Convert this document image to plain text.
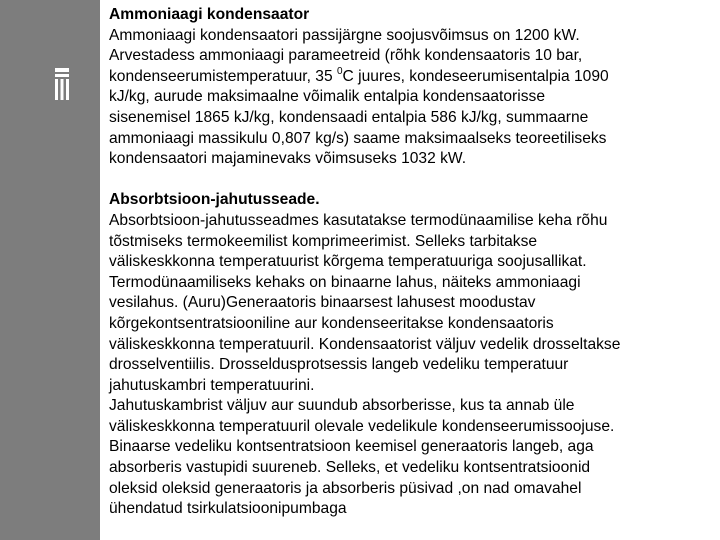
Ammoniaagi kondensaator
Ammoniaagi kondensaatori passijärgne soojusvõimsus on 1200 kW.
Arvestadess ammoniaagi parameetreid (rõhk kondensaatoris 10 bar,
kondenseerumistemperatuur, 35 $^0$C juures, kondeseerumisentalpia 1090
kJ/kg, aurude maksimaalne võimalik entalpia kondensaatorisse
sisenemisel 1865 kJ/kg, kondensaadi entalpia 586 kJ/kg, summaarne
ammoniaagi massikulu 0,807 kg/s) saame maksimaalseks teoreetiliseks
kondensaatori majaminevaks võimsuseks 1032 kW.
Absorbtsioon-jahutusseade.
Absorbtsioon-jahutusseadmes kasutatakse termodünaamilise keha rõhu
tõstmiseks termokeemilist komprimeerimist. Selleks tarbitakse
väliskeskkonna temperatuurist kõrgema temperatuuriga soojusallikat.
Termodünaamiliseks kehaks on binaarne lahus, näiteks ammoniaagi
vesilahus. (Auru)Generaatoris binaarsest lahusest moodustav
kõrgekontsentratsiooniline aur kondenseeritakse kondensaatoris
väliskeskkonna temperatuuril. Kondensaatorist väljuv vedelik drosseltakse
drosselventiilis. Drosseldusprotsessis langeb vedeliku temperatuur
jahutuskambri temperatuurini.
Jahutuskambrist väljuv aur suundub absorberisse, kus ta annab üle
väliskeskkonna temperatuuril olevale vedelikule kondenseerumissoojuse.
Binaarse vedeliku kontsentratsioon keemisel generaatoris langeb, aga
absorberis vastupidi suureneb. Selleks, et vedeliku kontsentratsioonid
oleksid oleksid generaatoris ja absorberis püsivad ,on nad omavahel
ühendatud tsirkulatsioonipumbaga
